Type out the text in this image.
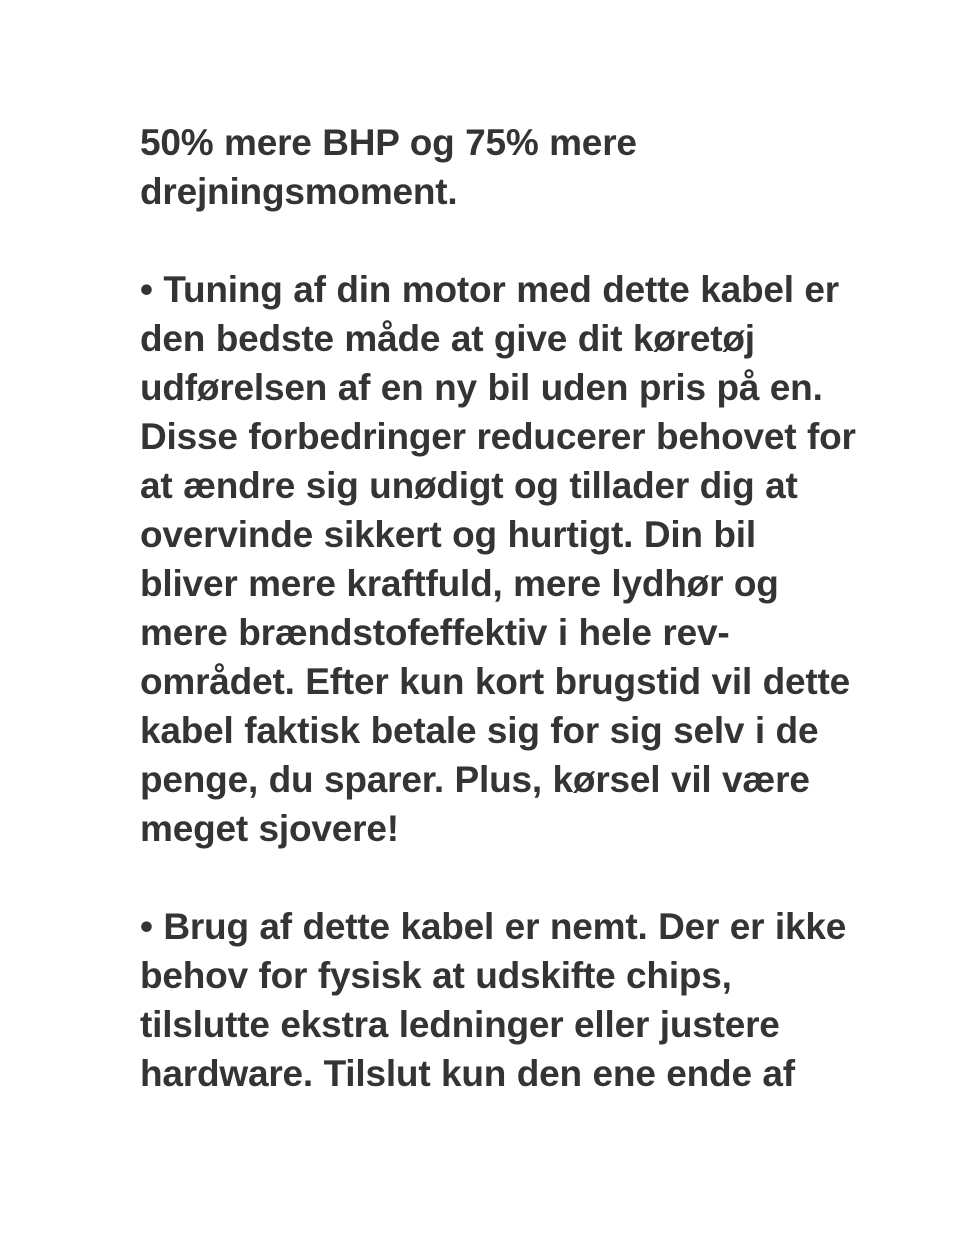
50% mere BHP og 75% mere
drejningsmoment.

• Tuning af din motor med dette kabel er
den bedste måde at give dit køretøj
udførelsen af en ny bil uden pris på en.
Disse forbedringer reducerer behovet for
at ændre sig unødigt og tillader dig at
overvinde sikkert og hurtigt. Din bil
bliver mere kraftfuld, mere lydhør og
mere brændstofeffektiv i hele rev-
området. Efter kun kort brugstid vil dette
kabel faktisk betale sig for sig selv i de
penge, du sparer. Plus, kørsel vil være
meget sjovere!

• Brug af dette kabel er nemt. Der er ikke
behov for fysisk at udskifte chips,
tilslutte ekstra ledninger eller justere
hardware. Tilslut kun den ene ende af
